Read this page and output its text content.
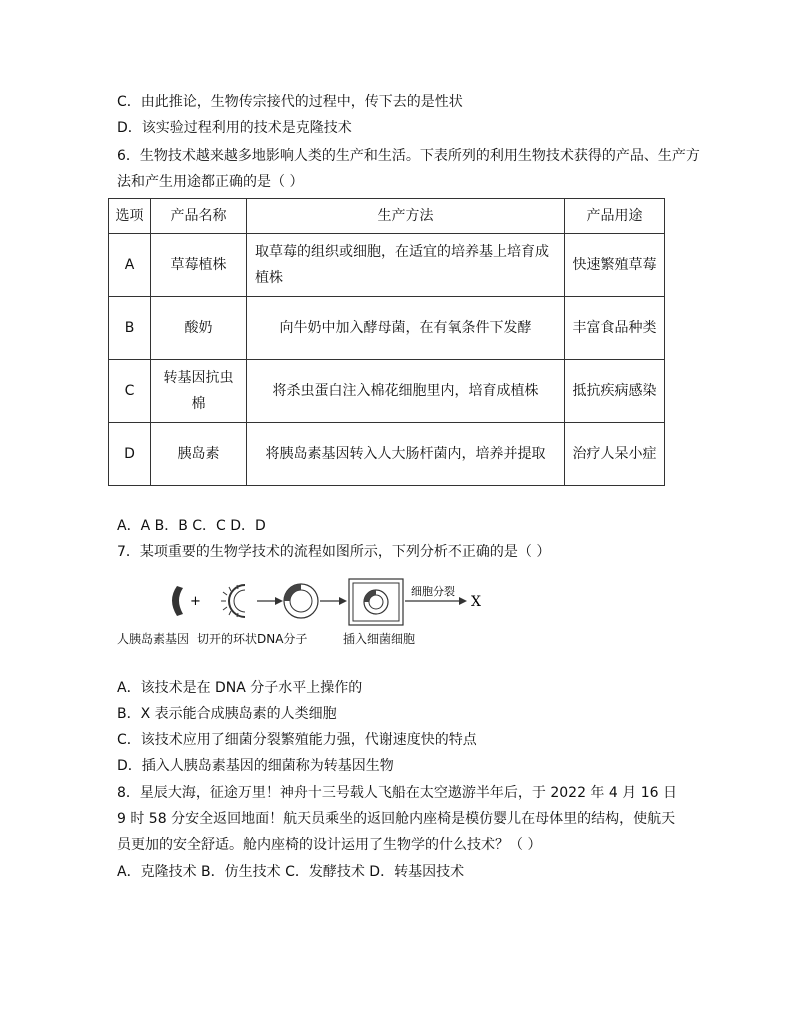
C．由此推论，生物传宗接代的过程中，传下去的是性状
D．该实验过程利用的技术是克隆技术
6．生物技术越来越多地影响人类的生产和生活。下表所列的利用生物技术获得的产品、生产方
法和产生用途都正确的是（ ）
选项	产品名称	生产方法	产品用途
A	草莓植株	取草莓的组织或细胞，在适宜的培养基上培育成植株	快速繁殖草莓
B	酸奶	向牛奶中加入酵母菌，在有氧条件下发酵	丰富食品种类
C	转基因抗虫棉	将杀虫蛋白注入棉花细胞里内，培育成植株	抵抗疾病感染
D	胰岛素	将胰岛素基因转入人大肠杆菌内，培养并提取	治疗人呆小症
A．A B．B C．C D．D
7．某项重要的生物学技术的流程如图所示，下列分析不正确的是（ ）
+	X
细胞分裂
人胰岛素基因 切开的环状DNA分子	插入细菌细胞
A．该技术是在 DNA 分子水平上操作的
B．X 表示能合成胰岛素的人类细胞
C．该技术应用了细菌分裂繁殖能力强，代谢速度快的特点
D．插入人胰岛素基因的细菌称为转基因生物
8．星辰大海，征途万里！神舟十三号载人飞船在太空遨游半年后，于 2022 年 4 月 16 日 9 时 58 分安全返回地面！航天员乘坐的返回舱内座椅是模仿婴儿在母体里的结构，使航天员更加的安全舒适。舱内座椅的设计运用了生物学的什么技术？（ ）
A．克隆技术 B．仿生技术 C．发酵技术 D．转基因技术
